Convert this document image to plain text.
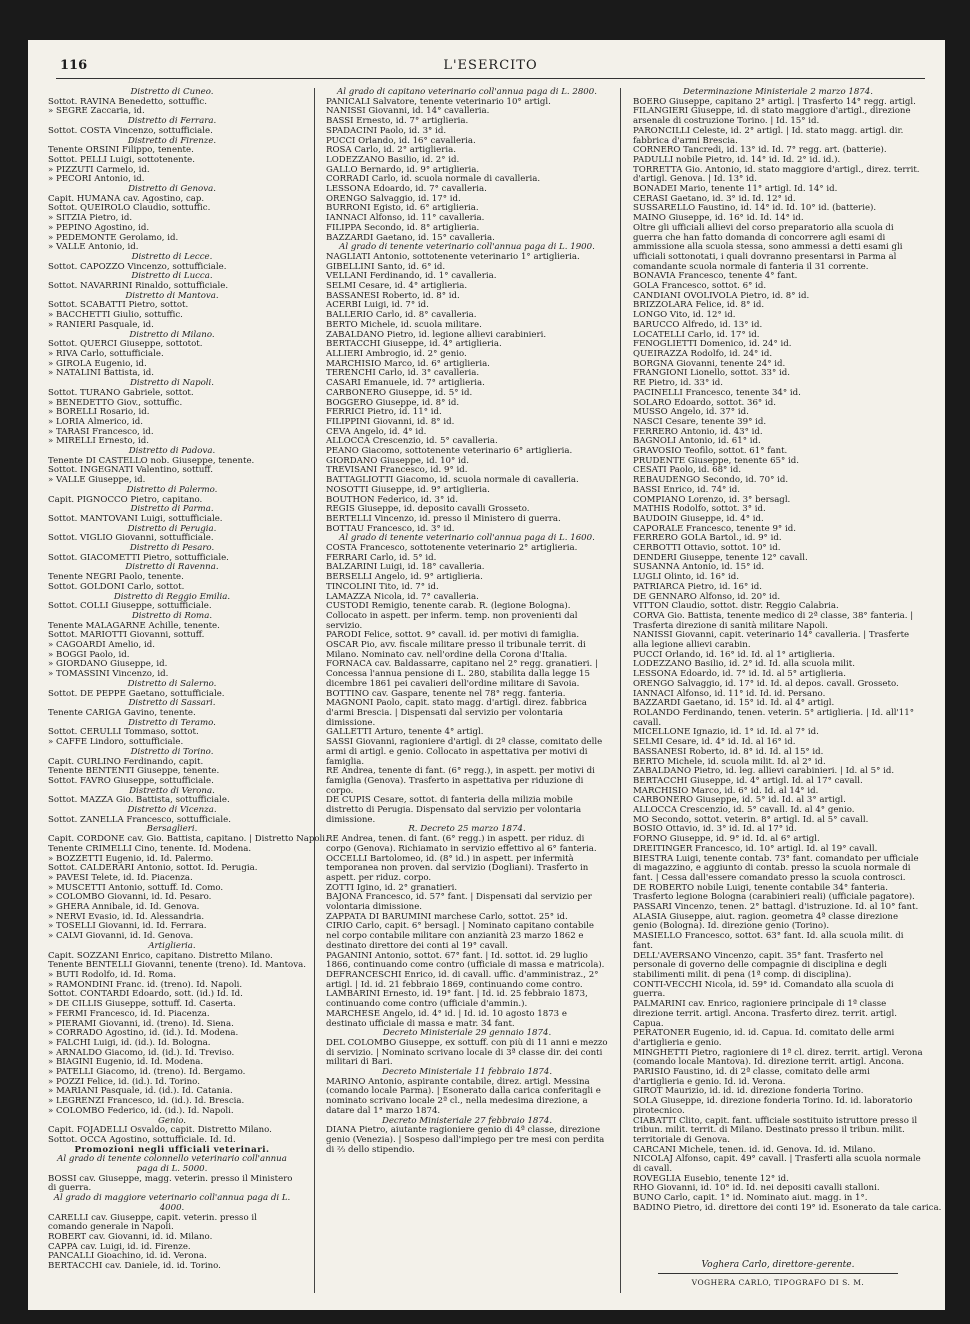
116	L'ESERCITO
Distretto di Cuneo.
Sottot. RAVINA Benedetto, sottuffic.
» SEGRE Zaccaria, id.
Distretto di Ferrara.
Sottot. COSTA Vincenzo, sottufficiale.
Distretto di Firenze.
Tenente ORSINI Filippo, tenente.
Sottot. PELLI Luigi, sottotenente.
» PIZZUTI Carmelo, id.
» PECORI Antonio, id.
Distretto di Genova.
Capit. HUMANA cav. Agostino, cap.
Sottot. QUEIROLO Claudio, sottuffic.
» SITZIA Pietro, id.
» PEPINO Agostino, id.
» PEDEMONTE Gerolamo, id.
» VALLE Antonio, id.
Distretto di Lecce.
Sottot. CAPOZZO Vincenzo, sottufficiale.
Distretto di Lucca.
Sottot. NAVARRINI Rinaldo, sottufficiale.
Distretto di Mantova.
Sottot. SCABATTI Pietro, sottot.
» BACCHETTI Giulio, sottuffic.
» RANIERI Pasquale, id.
Distretto di Milano.
Sottot. QUERCI Giuseppe, sottotot.
» RIVA Carlo, sottufficiale.
» GIROLA Eugenio, id.
» NATALINI Battista, id.
Distretto di Napoli.
Sottot. TURANO Gabriele, sottot.
» BENEDETTO Giov., sottuffic.
» BORELLI Rosario, id.
» LORIA Almerico, id.
» TARASI Francesco, id.
» MIRELLI Ernesto, id.
Distretto di Padova.
Tenente DI CASTELLO nob. Giuseppe, tenente.
Sottot. INGEGNATI Valentino, sottuff.
» VALLE Giuseppe, id.
Distretto di Palermo.
Capit. PIGNOCCO Pietro, capitano.
Distretto di Parma.
Sottot. MANTOVANI Luigi, sottufficiale.
Distretto di Perugia.
Sottot. VIGLIO Giovanni, sottufficiale.
Distretto di Pesaro.
Sottot. GIACOMETTI Pietro, sottufficiale.
Distretto di Ravenna.
Tenente NEGRI Paolo, tenente.
Sottot. GOLDONI Carlo, sottot.
Distretto di Reggio Emilia.
Sottot. COLLI Giuseppe, sottufficiale.
Distretto di Roma.
Tenente MALAGARNE Achille, tenente.
Sottot. MARIOTTI Giovanni, sottuff.
» CAGOARDI Amelio, id.
» BOGGI Paolo, id.
» GIORDANO Giuseppe, id.
» TOMASSINI Vincenzo, id.
Distretto di Salerno.
Sottot. DE PEPPE Gaetano, sottufficiale.
Distretto di Sassari.
Tenente CARIGA Gavino, tenente.
Distretto di Teramo.
Sottot. CERULLI Tommaso, sottot.
» CAFFE Lindoro, sottufficiale.
Distretto di Torino.
Capit. CURLINO Ferdinando, capit.
Tenente BENTENTI Giuseppe, tenente.
Sottot. FAVRO Giuseppe, sottufficiale.
Distretto di Verona.
Sottot. MAZZA Gio. Battista, sottufficiale.
Distretto di Vicenza.
Sottot. ZANELLA Francesco, sottufficiale.
Bersaglieri.
Capit. CORDONE cav. Gio. Battista, capitano. | Distretto Napoli.
Tenente CRIMELLI Cino, tenente. Id. Modena.
» BOZZETTI Eugenio, id. Id. Palermo.
Sottot. CALDERARI Antonio, sottot. Id. Perugia.
» PAVESI Telete, id. Id. Piacenza.
» MUSCETTI Antonio, sottuff. Id. Como.
» COLOMBO Giovanni, id. Id. Pesaro.
» GHERA Annibale, id. Id. Genova.
» NERVI Evasio, id. Id. Alessandria.
» TOSELLI Giovanni, id. Id. Ferrara.
» CALVI Giovanni, id. Id. Genova.
Artiglieria.
Capit. SOZZANI Enrico, capitano. Distretto Milano.
Tenente BENTELLI Giovanni, tenente (treno). Id. Mantova.
» BUTI Rodolfo, id. Id. Roma.
» RAMONDINI Franc. id. (treno). Id. Napoli.
Sottot. CONTARDI Edoardo, sott. (id.) Id. Id.
» DE CILLIS Giuseppe, sottuff. Id. Caserta.
» FERMI Francesco, id. Id. Piacenza.
» PIERAMI Giovanni, id. (treno). Id. Siena.
» CORRADO Agostino, id. (id.). Id. Modena.
» FALCHI Luigi, id. (id.). Id. Bologna.
» ARNALDO Giacomo, id. (id.). Id. Treviso.
» BIAGINI Eugenio, id. Id. Modena.
» PATELLI Giacomo, id. (treno). Id. Bergamo.
» POZZI Felice, id. (id.). Id. Torino.
» MARIANI Pasquale, id. (id.). Id. Catania.
» LEGRENZI Francesco, id. (id.). Id. Brescia.
» COLOMBO Federico, id. (id.). Id. Napoli.
Genio.
Capit. FOJADELLI Osvaldo, capit. Distretto Milano.
Sottot. OCCA Agostino, sottufficiale. Id. Id.
Promozioni negli ufficiali veterinari.
Al grado di tenente colonnello veterinario coll'annua paga di L. 5000.
BOSSI cav. Giuseppe, magg. veterin. presso il Ministero di guerra.
Al grado di maggiore veterinario coll'annua paga di L. 4000.
CARELLI cav. Giuseppe, capit. veterin. presso il comando generale in Napoli.
ROBERT cav. Giovanni, id. id. Milano.
CAPPA cav. Luigi, id. id. Firenze.
PANCALLI Gioachino, id. id. Verona.
BERTACCHI cav. Daniele, id. id. Torino.
Al grado di capitano veterinario coll'annua paga di L. 2800.
PANICALI Salvatore, tenente veterinario 10° artigl.
NANISSI Giovanni, id. 14° cavalleria.
BASSI Ernesto, id. 7° artiglieria.
SPADACINI Paolo, id. 3° id.
PUCCI Orlando, id. 16° cavalleria.
ROSA Carlo, id. 2° artiglieria.
LODEZZANO Basilio, id. 2° id.
GALLO Bernardo, id. 9° artiglieria.
CORRADI Carlo, id. scuola normale di cavalleria.
LESSONA Edoardo, id. 7° cavalleria.
ORENGO Salvaggio, id. 17° id.
BURRONI Egisto, id. 6° artiglieria.
IANNACI Alfonso, id. 11° cavalleria.
FILIPPA Secondo, id. 8° artiglieria.
BAZZARDI Gaetano, id. 15° cavalleria.
Al grado di tenente veterinario coll'annua paga di L. 1900.
NAGLIATI Antonio, sottotenente veterinario 1° artiglieria.
GIBELLINI Santo, id. 6° id.
VELLANI Ferdinando, id. 1° cavalleria.
SELMI Cesare, id. 4° artiglieria.
BASSANESI Roberto, id. 8° id.
ACERBI Luigi, id. 7° id.
BALLERIO Carlo, id. 8° cavalleria.
BERTO Michele, id. scuola militare.
ZABALDANO Pietro, id. legione allievi carabinieri.
BERTACCHI Giuseppe, id. 4° artiglieria.
ALLIERI Ambrogio, id. 2° genio.
MARCHISIO Marco, id. 6° artiglieria.
TERENCHI Carlo, id. 3° cavalleria.
CASARI Emanuele, id. 7° artiglieria.
CARBONERO Giuseppe, id. 5° id.
BOGGERO Giuseppe, id. 8° id.
FERRICI Pietro, id. 11° id.
FILIPPINI Giovanni, id. 8° id.
CEVA Angelo, id. 4° id.
ALLOCCA Crescenzio, id. 5° cavalleria.
PEANO Giacomo, sottotenente veterinario 6° artiglieria.
GIORDANO Giuseppe, id. 10° id.
TREVISANI Francesco, id. 9° id.
BATTAGLIOTTI Giacomo, id. scuola normale di cavalleria.
NOSOTTI Giuseppe, id. 9° artiglieria.
BOUTHON Federico, id. 3° id.
REGIS Giuseppe, id. deposito cavalli Grosseto.
BERTELLI Vincenzo, id. presso il Ministero di guerra.
BOTTAU Francesco, id. 3° id.
Al grado di tenente veterinario coll'annua paga di L. 1600.
COSTA Francesco, sottotenente veterinario 2° artiglieria.
FERRARI Carlo, id. 5° id.
BALZARINI Luigi, id. 18° cavalleria.
BERSELLI Angelo, id. 9° artiglieria.
TINCOLINI Tito, id. 7° id.
LAMAZZA Nicola, id. 7° cavalleria.
CUSTODI Remigio, tenente carab. R. (legione Bologna). Collocato in aspett. per inferm. temp. non provenienti dal servizio.
PARODI Felice, sottot. 9° cavall. id. per motivi di famiglia.
OSCAR Pio, avv. fiscale militare presso il tribunale territ. di Milano. Nominato cav. nell'ordine della Corona d'Italia.
FORNACA cav. Baldassarre, capitano nel 2° regg. granatieri. | Concessa l'annua pensione di L. 280, stabilita dalla legge 15 dicembre 1861 pei cavalieri dell'ordine militare di Savoia.
BOTTINO cav. Gaspare, tenente nel 78° regg. fanteria.
MAGNONI Paolo, capit. stato magg. d'artigl. direz. fabbrica d'armi Brescia. | Dispensati dal servizio per volontaria dimissione.
GALLETTI Arturo, tenente 4° artigl.
SASSI Giovanni, ragioniere d'artigl. di 2ª classe, comitato delle armi di artigl. e genio. Collocato in aspettativa per motivi di famiglia.
RE Andrea, tenente di fant. (6° regg.), in aspett. per motivi di famiglia (Genova). Trasferto in aspettativa per riduzione di corpo.
DE CUPIS Cesare, sottot. di fanteria della milizia mobile distretto di Perugia. Dispensato dal servizio per volontaria dimissione.
R. Decreto 25 marzo 1874.
RE Andrea, tenen. di fant. (6° regg.) in aspett. per riduz. di corpo (Genova). Richiamato in servizio effettivo al 6° fanteria.
OCCELLI Bartolomeo, id. (8° id.) in aspett. per infermità temporanea non proven. dal servizio (Dogliani). Trasferto in aspett. per riduz. corpo.
ZOTTI Igino, id. 2° granatieri.
BAJONA Francesco, id. 57° fant. | Dispensati dal servizio per volontaria dimissione.
ZAPPATA DI BARUMINI marchese Carlo, sottot. 25° id.
CIRIO Carlo, capit. 6° bersagl. | Nominato capitano contabile nel corpo contabile militare con anzianità 23 marzo 1862 e destinato direttore dei conti al 19° cavall.
PAGANINI Antonio, sottot. 67° fant. | Id. sottot. id. 29 luglio 1866, continuando come contro (ufficiale di massa e matricola).
DEFRANCESCHI Enrico, id. di cavall. uffic. d'amministraz., 2° artigl. | Id. id. 21 febbraio 1869, continuando come contro.
LAMBARINI Ernesto, id. 19° fant. | Id. id. 25 febbraio 1873, continuando come contro (ufficiale d'ammin.).
MARCHESE Angelo, id. 4° id. | Id. id. 10 agosto 1873 e destinato ufficiale di massa e matr. 34 fant.
Decreto Ministeriale 29 gennaio 1874.
DEL COLOMBO Giuseppe, ex sottuff. con più di 11 anni e mezzo di servizio. | Nominato scrivano locale di 3ª classe dir. dei conti militari di Bari.
Decreto Ministeriale 11 febbraio 1874.
MARINO Antonio, aspirante contabile, direz. artigl. Messina (comando locale Parma). | Esonerato dalla carica conferitagli e nominato scrivano locale 2ª cl., nella medesima direzione, a datare dal 1° marzo 1874.
Decreto Ministeriale 27 febbraio 1874.
DIANA Pietro, aiutante ragioniere genio di 4ª classe, direzione genio (Venezia). | Sospeso dall'impiego per tre mesi con perdita di ⅔ dello stipendio.
Determinazione Ministeriale 2 marzo 1874.
BOERO Giuseppe, capitano 2° artigl. | Trasferto 14° regg. artigl.
FILANGIERI Giuseppe, id. di stato maggiore d'artigl., direzione arsenale di costruzione Torino. | Id. 15° id.
PARONCILLI Celeste, id. 2° artigl. | Id. stato magg. artigl. dir. fabbrica d'armi Brescia.
CORNERO Tancredi, id. 13° id. Id. 7° regg. art. (batterie).
PADULLI nobile Pietro, id. 14° id. Id. 2° id. id.).
TORRETTA Gio. Antonio, id. stato maggiore d'artigl., direz. territ. d'artigl. Genova. | Id. 13° id.
BONADEI Mario, tenente 11° artigl. Id. 14° id.
CERASI Gaetano, id. 3° id. Id. 12° id.
SUSSARELLO Faustino, id. 14° id. Id. 10° id. (batterie).
MAINO Giuseppe, id. 16° id. Id. 14° id.
Oltre gli ufficiali allievi del corso preparatorio alla scuola di guerra che han fatto domanda di concorrere agli esami di ammissione alla scuola stessa, sono ammessi a detti esami gli ufficiali sottonotati, i quali dovranno presentarsi in Parma al comandante scuola normale di fanteria il 31 corrente.
BONAVIA Francesco, tenente 4° fant.
GOLA Francesco, sottot. 6° id.
CANDIANI OVOLIVOLA Pietro, id. 8° id.
BRIZZOLARA Felice, id. 8° id.
LONGO Vito, id. 12° id.
BARUCCO Alfredo, id. 13° id.
LOCATELLI Carlo, id. 17° id.
FENOGLIETTI Domenico, id. 24° id.
QUEIRAZZA Rodolfo, id. 24° id.
BORGNA Giovanni, tenente 24° id.
FRANGIONI Lionello, sottot. 33° id.
RE Pietro, id. 33° id.
PACINELLI Francesco, tenente 34° id.
SOLARO Edoardo, sottot. 36° id.
MUSSO Angelo, id. 37° id.
NASCI Cesare, tenente 39° id.
FERRERO Antonio, id. 43° id.
BAGNOLI Antonio, id. 61° id.
GRAVOSIO Teofilo, sottot. 61° fant.
PRUDENTE Giuseppe, tenente 65° id.
CESATI Paolo, id. 68° id.
REBAUDENGO Secondo, id. 70° id.
BASSI Enrico, id. 74° id.
COMPIANO Lorenzo, id. 3° bersagl.
MATHIS Rodolfo, sottot. 3° id.
BAUDOIN Giuseppe, id. 4° id.
CAPORALE Francesco, tenente 9° id.
FERRERO GOLA Bartol., id. 9° id.
CERBOTTI Ottavio, sottot. 10° id.
DENDERI Giuseppe, tenente 12° cavall.
SUSANNA Antonio, id. 15° id.
LUGLI Olinto, id. 16° id.
PATRIARCA Pietro, id. 16° id.
DE GENNARO Alfonso, id. 20° id.
VITTON Claudio, sottot. distr. Reggio Calabria.
CORVA Gio. Battista, tenente medico di 2ª classe, 38° fanteria. | Trasferta direzione di sanità militare Napoli.
NANISSI Giovanni, capit. veterinario 14° cavalleria. | Trasferte alla legione allievi carabin.
PUCCI Orlando, id. 16° id. Id. al 1° artiglieria.
LODEZZANO Basilio, id. 2° id. Id. alla scuola milit.
LESSONA Edoardo, id. 7° id. Id. al 5° artiglieria.
ORENGO Salvaggio, id. 17° id. Id. al depos. cavall. Grosseto.
IANNACI Alfonso, id. 11° id. Id. id. Persano.
BAZZARDI Gaetano, id. 15° id. Id. al 4° artigl.
ROLANDO Ferdinando, tenen. veterin. 5° artiglieria. | Id. all'11° cavall.
MICELLONE Ignazio, id. 1° id. Id. al 7° id.
SELMI Cesare, id. 4° id. Id. al 16° id.
BASSANESI Roberto, id. 8° id. Id. al 15° id.
BERTO Michele, id. scuola milit. Id. al 2° id.
ZABALDANO Pietro, id. leg. allievi carabinieri. | Id. al 5° id.
BERTACCHI Giuseppe, id. 4° artigl. Id. al 17° cavall.
MARCHISIO Marco, id. 6° id. Id. al 14° id.
CARBONERO Giuseppe, id. 5° id. Id. al 3° artigl.
ALLOCCA Crescenzio, id. 5° cavall. Id. al 4° genio.
MO Secondo, sottot. veterin. 8° artigl. Id. al 5° cavall.
BOSIO Ottavio, id. 3° id. Id. al 17° id.
FORNO Giuseppe, id. 9° id. Id. al 6° artigl.
DREITINGER Francesco, id. 10° artigl. Id. al 19° cavall.
BIESTRA Luigi, tenente contab. 73° fant. comandato per ufficiale di magazzino, e aggiunto di contab. presso la scuola normale di fant. | Cessa dall'essere comandato presso la scuola controsci.
DE ROBERTO nobile Luigi, tenente contabile 34° fanteria. Trasferto legione Bologna (carabinieri reali) (ufficiale pagatore).
PASSARI Vincenzo, tenen. 2° battagl. d'istruzione. Id. al 10° fant.
ALASIA Giuseppe, aiut. ragion. geometra 4ª classe direzione genio (Bologna). Id. direzione genio (Torino).
MASIELLO Francesco, sottot. 63° fant. Id. alla scuola milit. di fant.
DELL'AVERSANO Vincenzo, capit. 35° fant. Trasferto nel personale di governo delle compagnie di disciplina e degli stabilimenti milit. di pena (1ª comp. di disciplina).
CONTI-VECCHI Nicola, id. 59° id. Comandato alla scuola di guerra.
PALMARINI cav. Enrico, ragioniere principale di 1ª classe direzione territ. artigl. Ancona. Trasferto direz. territ. artigl. Capua.
PERATONER Eugenio, id. id. Capua. Id. comitato delle armi d'artiglieria e genio.
MINGHETTI Pietro, ragioniere di 1ª cl. direz. territ. artigl. Verona (comando locale Mantova). Id. direzione territ. artigl. Ancona.
PARISIO Faustino, id. di 2ª classe, comitato delle armi d'artiglieria e genio. Id. id. Verona.
GIROT Maurizio, id. id. id. direzione fonderia Torino.
SOLA Giuseppe, id. direzione fonderia Torino. Id. id. laboratorio pirotecnico.
CIABATTI Clito, capit. fant. ufficiale sostituito istruttore presso il tribun. milit. territ. di Milano. Destinato presso il tribun. milit. territoriale di Genova.
CARCANI Michele, tenen. id. id. Genova. Id. id. Milano.
NICOLAJ Alfonso, capit. 49° cavall. | Trasferti alla scuola normale di cavall.
ROVEGLIA Eusebio, tenente 12° id.
RHO Giovanni, id. 10° id. Id. nei depositi cavalli stalloni.
BUNO Carlo, capit. 1° id. Nominato aiut. magg. in 1°.
BADINO Pietro, id. direttore dei conti 19° id. Esonerato da tale carica.
Voghera Carlo, direttore-gerente.
VOGHERA CARLO, TIPOGRAFO DI S. M.
